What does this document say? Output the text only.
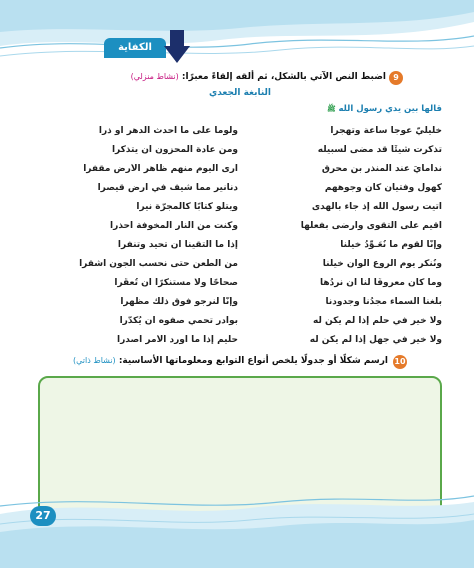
الكفاية النحوية
9
اضبط النص الآتي بالشكل، ثم ألقه إلقاءً معبرًا: (نشاط منزلي)
النابغة الجعدي
قالها بين يدي رسول الله ﷺ
خليليّ عوجا ساعة وتهجرا
ولوما على ما أحدث الدهر أو ذرا
تذكرت شيئًا قد مضى لسبيله
ومن عادة المحزون أن يتذكرا
ندامايَ عند المنذر بن محرق
أرى اليوم منهم ظاهر الأرض مقفرا
كهول وفتيان كأن وجوههم
دنانير مما شيف في أرض قيصرا
أتيت رسول الله إذ جاء بالهدى
ويتلو كتابًا كالمجرّة نيرا
أقيم على التقوى وأرضى بفعلها
وكنت من النار المخوفة أحذرا
وإنّا لقوم ما نُعَـوِّدُ خيلنا
إذا ما التقينا أن تحيد وتنفرا
ونُنكر يوم الروع ألوان خيلنا
من الطعن حتى نحسب الجون أشقرا
وما كان معروفًا لنا أن نردُها
صحاحًا ولا مستنكرًا أن تُعقَرا
بلغنا السماء مجدُنا وجدودنا
وإنّا لنرجو فوق ذلك مظهرا
ولا خير في حلم إذا لم يكن له
بوادر تحمي صفوه أن يُكدّرا
ولا خير في جهل إذا لم يكن له
حليم إذا ما أورد الأمر أصدرا
10
ارسم شكلًا أو جدولًا يلخص أنواع التوابع ومعلوماتها الأساسية: (نشاط ذاتي)
27
